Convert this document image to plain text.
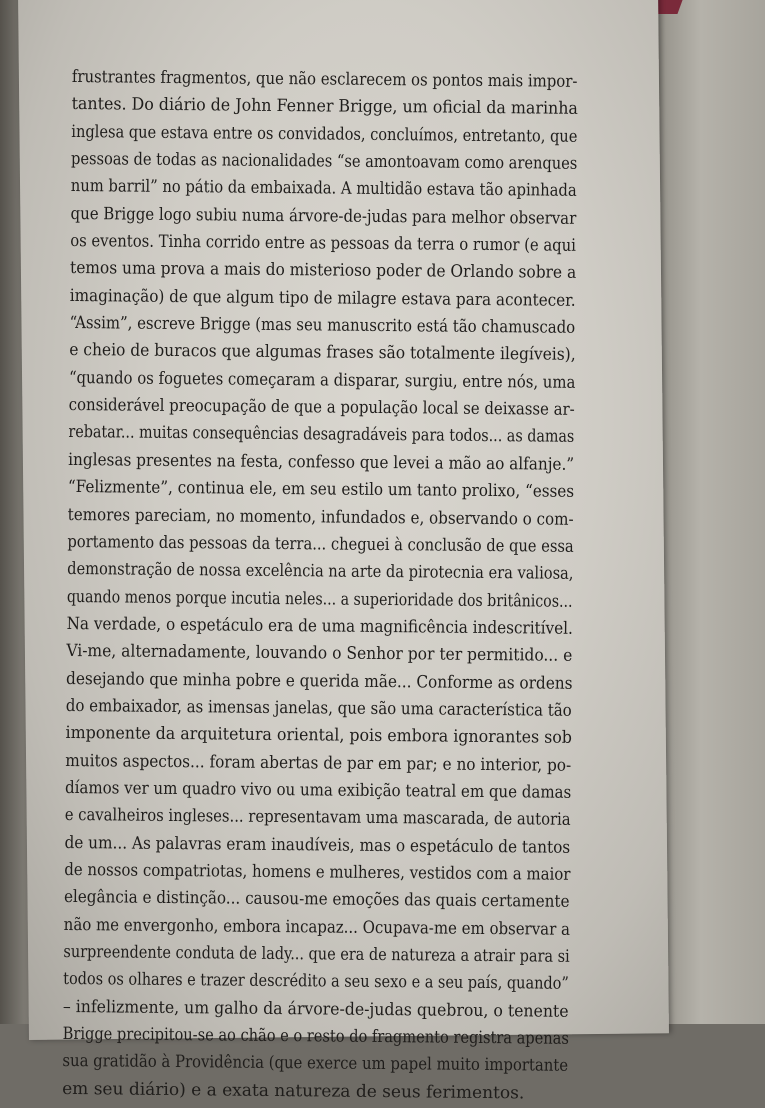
frustrantes fragmentos, que não esclarecem os pontos mais impor-
tantes. Do diário de John Fenner Brigge, um oficial da marinha
inglesa que estava entre os convidados, concluímos, entretanto, que
pessoas de todas as nacionalidades “se amontoavam como arenques
num barril” no pátio da embaixada. A multidão estava tão apinhada
que Brigge logo subiu numa árvore-de-judas para melhor observar
os eventos. Tinha corrido entre as pessoas da terra o rumor (e aqui
temos uma prova a mais do misterioso poder de Orlando sobre a
imaginação) de que algum tipo de milagre estava para acontecer.
“Assim”, escreve Brigge (mas seu manuscrito está tão chamuscado
e cheio de buracos que algumas frases são totalmente ilegíveis),
“quando os foguetes começaram a disparar, surgiu, entre nós, uma
considerável preocupação de que a população local se deixasse ar-
rebatar... muitas consequências desagradáveis para todos... as damas
inglesas presentes na festa, confesso que levei a mão ao alfanje.”
“Felizmente”, continua ele, em seu estilo um tanto prolixo, “esses
temores pareciam, no momento, infundados e, observando o com-
portamento das pessoas da terra... cheguei à conclusão de que essa
demonstração de nossa excelência na arte da pirotecnia era valiosa,
quando menos porque incutia neles... a superioridade dos britânicos...
Na verdade, o espetáculo era de uma magnificência indescritível.
Vi-me, alternadamente, louvando o Senhor por ter permitido... e
desejando que minha pobre e querida mãe... Conforme as ordens
do embaixador, as imensas janelas, que são uma característica tão
imponente da arquitetura oriental, pois embora ignorantes sob
muitos aspectos... foram abertas de par em par; e no interior, po-
díamos ver um quadro vivo ou uma exibição teatral em que damas
e cavalheiros ingleses... representavam uma mascarada, de autoria
de um... As palavras eram inaudíveis, mas o espetáculo de tantos
de nossos compatriotas, homens e mulheres, vestidos com a maior
elegância e distinção... causou-me emoções das quais certamente
não me envergonho, embora incapaz... Ocupava-me em observar a
surpreendente conduta de lady... que era de natureza a atrair para si
todos os olhares e trazer descrédito a seu sexo e a seu país, quando”
– infelizmente, um galho da árvore-de-judas quebrou, o tenente
Brigge precipitou-se ao chão e o resto do fragmento registra apenas
sua gratidão à Providência (que exerce um papel muito importante
em seu diário) e a exata natureza de seus ferimentos.
